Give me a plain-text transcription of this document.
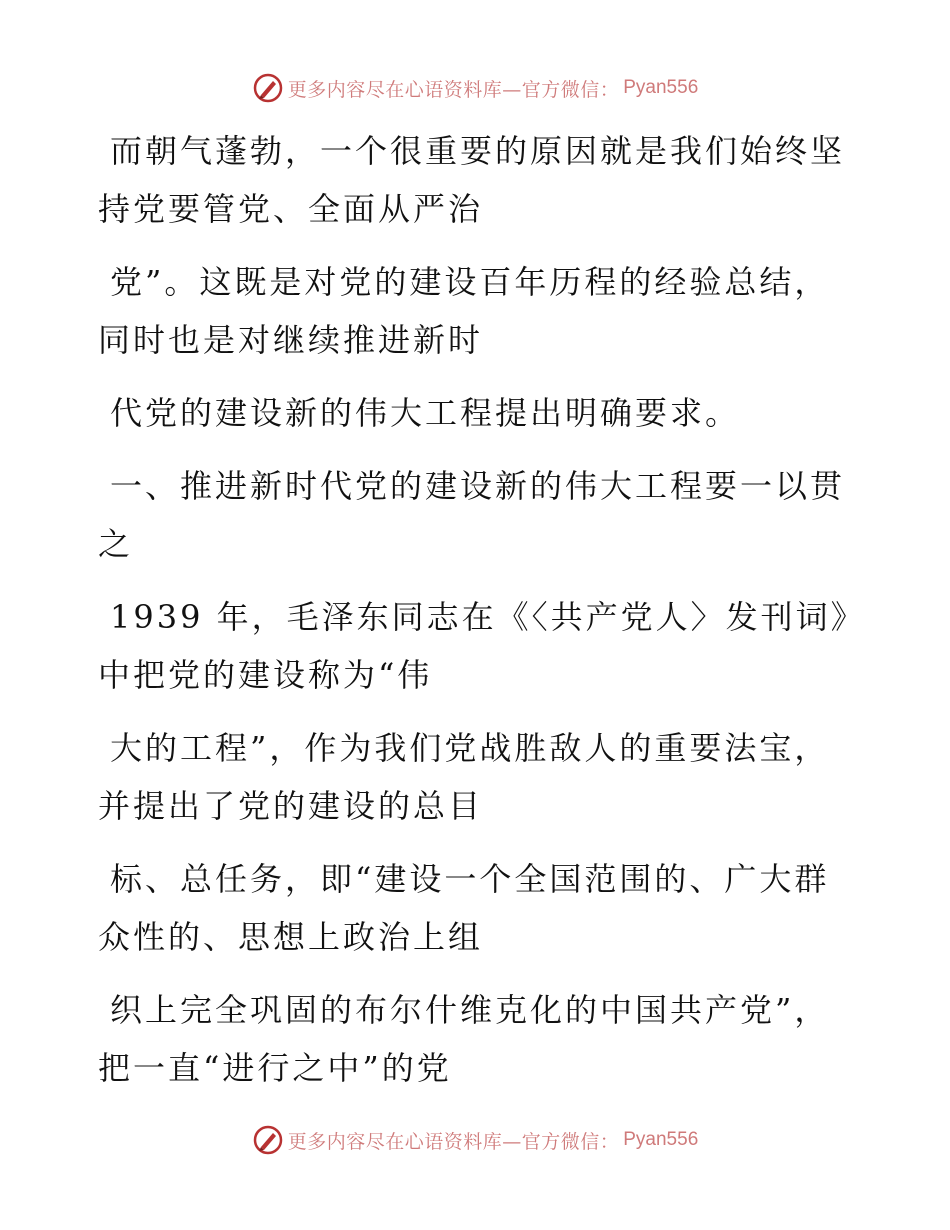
更多内容尽在心语资料库—官方微信： Pyan556

而朝气蓬勃，一个很重要的原因就是我们始终坚
持党要管党、全面从严治

党”。这既是对党的建设百年历程的经验总结，
同时也是对继续推进新时

代党的建设新的伟大工程提出明确要求。

一、推进新时代党的建设新的伟大工程要一以贯
之

1939 年，毛泽东同志在《〈共产党人〉发刊词》
中把党的建设称为“伟

大的工程”，作为我们党战胜敌人的重要法宝，
并提出了党的建设的总目

标、总任务，即“建设一个全国范围的、广大群
众性的、思想上政治上组

织上完全巩固的布尔什维克化的中国共产党”，
把一直“进行之中”的党

更多内容尽在心语资料库—官方微信： Pyan556
